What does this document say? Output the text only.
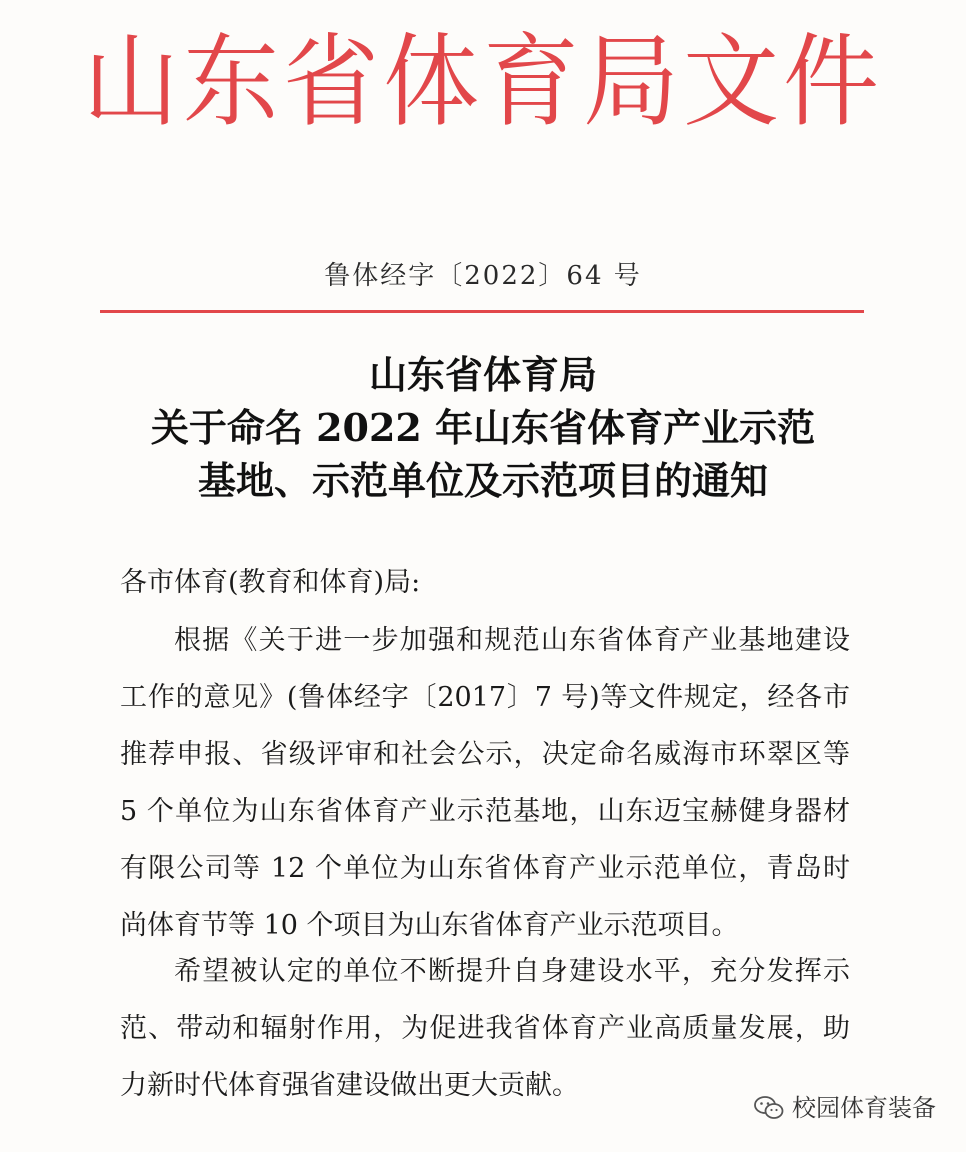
山东省体育局文件
鲁体经字〔2022〕64 号
山东省体育局
关于命名 2022 年山东省体育产业示范
基地、示范单位及示范项目的通知
各市体育(教育和体育)局:
根据《关于进一步加强和规范山东省体育产业基地建设
工作的意见》(鲁体经字〔2017〕7 号)等文件规定，经各市
推荐申报、省级评审和社会公示，决定命名威海市环翠区等
5 个单位为山东省体育产业示范基地，山东迈宝赫健身器材
有限公司等 12 个单位为山东省体育产业示范单位，青岛时
尚体育节等 10 个项目为山东省体育产业示范项目。
希望被认定的单位不断提升自身建设水平，充分发挥示
范、带动和辐射作用，为促进我省体育产业高质量发展，助
力新时代体育强省建设做出更大贡献。
校园体育装备
